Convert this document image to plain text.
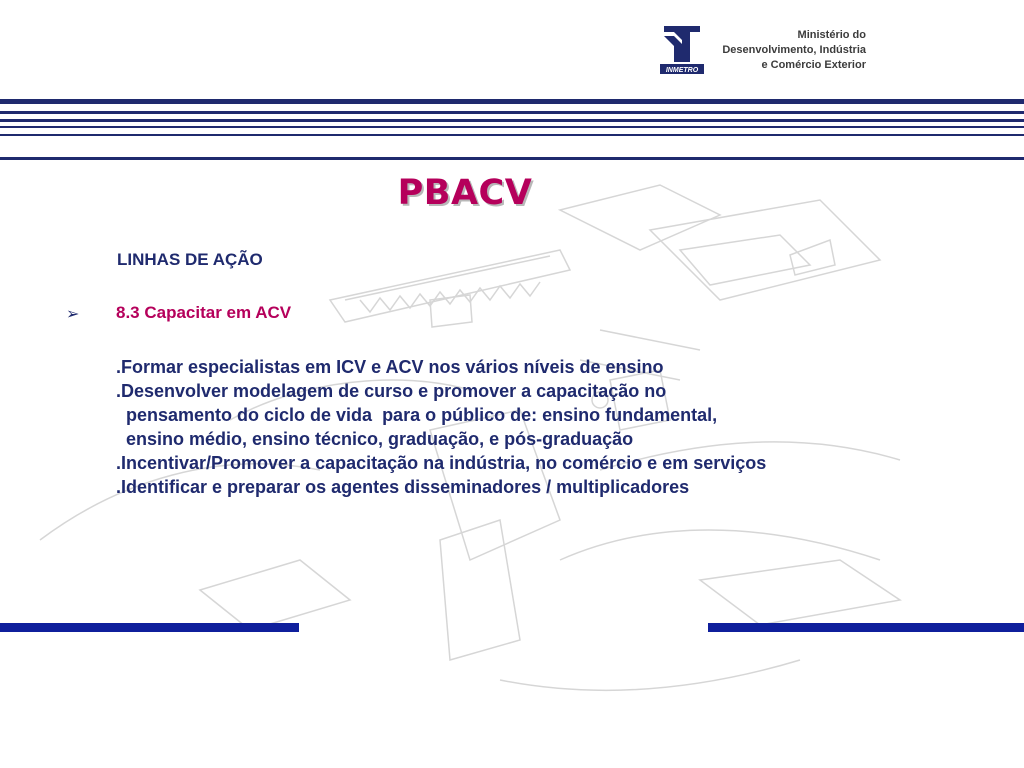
INMETRO
Ministério do
Desenvolvimento, Indústria
e Comércio Exterior
PBACV
LINHAS DE AÇÃO
➢ 8.3 Capacitar em ACV
.Formar especialistas em ICV e ACV nos vários níveis de ensino
.Desenvolver modelagem de curso e promover a capacitação no
pensamento do ciclo de vida  para o público de: ensino fundamental,
ensino médio, ensino técnico, graduação, e pós-graduação
.Incentivar/Promover a capacitação na indústria, no comércio e em serviços
.Identificar e preparar os agentes disseminadores / multiplicadores
